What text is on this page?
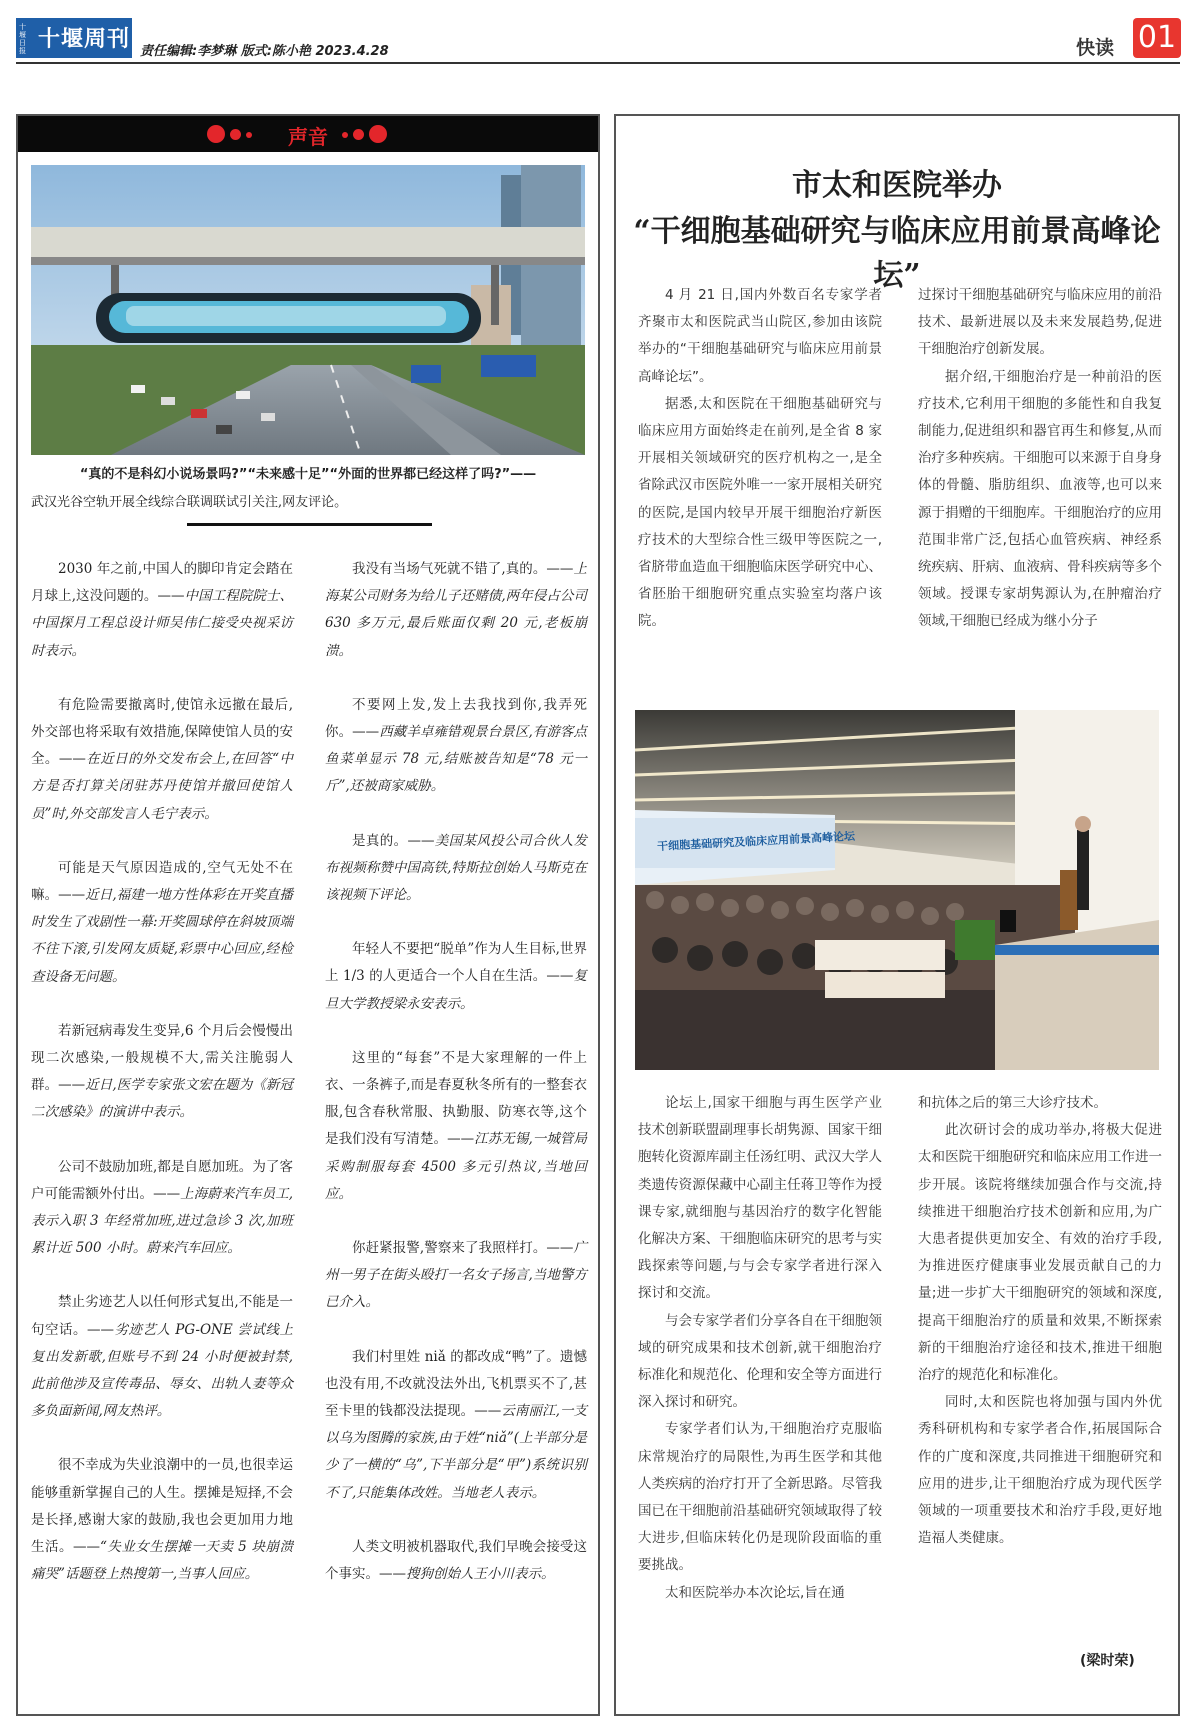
十堰日报 十堰周刊 责任编辑:李梦琳 版式:陈小艳 2023.4.28	快读 01
声音
“真的不是科幻小说场景吗?”“未来感十足”“外面的世界都已经这样了吗?”——
武汉光谷空轨开展全线综合联调联试引关注,网友评论。

2030 年之前,中国人的脚印肯定会踏在月球上,这没问题的。——中国工程院院士、中国探月工程总设计师吴伟仁接受央视采访时表示。

有危险需要撤离时,使馆永远撤在最后,外交部也将采取有效措施,保障使馆人员的安全。——在近日的外交发布会上,在回答“中方是否打算关闭驻苏丹使馆并撤回使馆人员”时,外交部发言人毛宁表示。

可能是天气原因造成的,空气无处不在嘛。——近日,福建一地方性体彩在开奖直播时发生了戏剧性一幕:开奖圆球停在斜坡顶端不往下滚,引发网友质疑,彩票中心回应,经检查设备无问题。

若新冠病毒发生变异,6 个月后会慢慢出现二次感染,一般规模不大,需关注脆弱人群。——近日,医学专家张文宏在题为《新冠二次感染》的演讲中表示。

公司不鼓励加班,都是自愿加班。为了客户可能需额外付出。——上海蔚来汽车员工,表示入职 3 年经常加班,进过急诊 3 次,加班累计近 500 小时。蔚来汽车回应。

禁止劣迹艺人以任何形式复出,不能是一句空话。——劣迹艺人 PG-ONE 尝试线上复出发新歌,但账号不到 24 小时便被封禁,此前他涉及宣传毒品、辱女、出轨人妻等众多负面新闻,网友热评。

很不幸成为失业浪潮中的一员,也很幸运能够重新掌握自己的人生。摆摊是短择,不会是长择,感谢大家的鼓励,我也会更加用力地生活。——“失业女生摆摊一天卖 5 块崩溃痛哭”话题登上热搜第一,当事人回应。

我没有当场气死就不错了,真的。——上海某公司财务为给儿子还赌债,两年侵占公司 630 多万元,最后账面仅剩 20 元,老板崩溃。

不要网上发,发上去我找到你,我弄死你。——西藏羊卓雍错观景台景区,有游客点鱼菜单显示 78 元,结账被告知是“78 元一斤”,还被商家威胁。

是真的。——美国某风投公司合伙人发布视频称赞中国高铁,特斯拉创始人马斯克在该视频下评论。

年轻人不要把“脱单”作为人生目标,世界上 1/3 的人更适合一个人自在生活。——复旦大学教授梁永安表示。

这里的“每套”不是大家理解的一件上衣、一条裤子,而是春夏秋冬所有的一整套衣服,包含春秋常服、执勤服、防寒衣等,这个是我们没有写清楚。——江苏无锡,一城管局采购制服每套 4500 多元引热议,当地回应。

你赶紧报警,警察来了我照样打。——广州一男子在街头殴打一名女子扬言,当地警方已介入。

我们村里姓 niǎ 的都改成“鸭”了。遗憾也没有用,不改就没法外出,飞机票买不了,甚至卡里的钱都没法提现。——云南丽江,一支以乌为图腾的家族,由于姓“niǎ”(上半部分是少了一横的“乌”,下半部分是“甲”)系统识别不了,只能集体改姓。当地老人表示。

人类文明被机器取代,我们早晚会接受这个事实。——搜狗创始人王小川表示。

市太和医院举办
“干细胞基础研究与临床应用前景高峰论坛”

4 月 21 日,国内外数百名专家学者齐聚市太和医院武当山院区,参加由该院举办的“干细胞基础研究与临床应用前景高峰论坛”。

据悉,太和医院在干细胞基础研究与临床应用方面始终走在前列,是全省 8 家开展相关领域研究的医疗机构之一,是全省除武汉市医院外唯一一家开展相关研究的医院,是国内较早开展干细胞治疗新医疗技术的大型综合性三级甲等医院之一,省脐带血造血干细胞临床医学研究中心、省胚胎干细胞研究重点实验室均落户该院。

过探讨干细胞基础研究与临床应用的前沿技术、最新进展以及未来发展趋势,促进干细胞治疗创新发展。

据介绍,干细胞治疗是一种前沿的医疗技术,它利用干细胞的多能性和自我复制能力,促进组织和器官再生和修复,从而治疗多种疾病。干细胞可以来源于自身身体的骨髓、脂肪组织、血液等,也可以来源于捐赠的干细胞库。干细胞治疗的应用范围非常广泛,包括心血管疾病、神经系统疾病、肝病、血液病、骨科疾病等多个领域。授课专家胡隽源认为,在肿瘤治疗领域,干细胞已经成为继小分子

干细胞基础研究及临床应用前景高峰论坛

论坛上,国家干细胞与再生医学产业技术创新联盟副理事长胡隽源、国家干细胞转化资源库副主任汤红明、武汉大学人类遗传资源保藏中心副主任蒋卫等作为授课专家,就细胞与基因治疗的数字化智能化解决方案、干细胞临床研究的思考与实践探索等问题,与与会专家学者进行深入探讨和交流。

与会专家学者们分享各自在干细胞领域的研究成果和技术创新,就干细胞治疗标准化和规范化、伦理和安全等方面进行深入探讨和研究。

专家学者们认为,干细胞治疗克服临床常规治疗的局限性,为再生医学和其他人类疾病的治疗打开了全新思路。尽管我国已在干细胞前沿基础研究领域取得了较大进步,但临床转化仍是现阶段面临的重要挑战。

太和医院举办本次论坛,旨在通

和抗体之后的第三大诊疗技术。

此次研讨会的成功举办,将极大促进太和医院干细胞研究和临床应用工作进一步开展。该院将继续加强合作与交流,持续推进干细胞治疗技术创新和应用,为广大患者提供更加安全、有效的治疗手段,为推进医疗健康事业发展贡献自己的力量;进一步扩大干细胞研究的领域和深度,提高干细胞治疗的质量和效果,不断探索新的干细胞治疗途径和技术,推进干细胞治疗的规范化和标准化。

同时,太和医院也将加强与国内外优秀科研机构和专家学者合作,拓展国际合作的广度和深度,共同推进干细胞研究和应用的进步,让干细胞治疗成为现代医学领域的一项重要技术和治疗手段,更好地造福人类健康。

(梁时荣)
